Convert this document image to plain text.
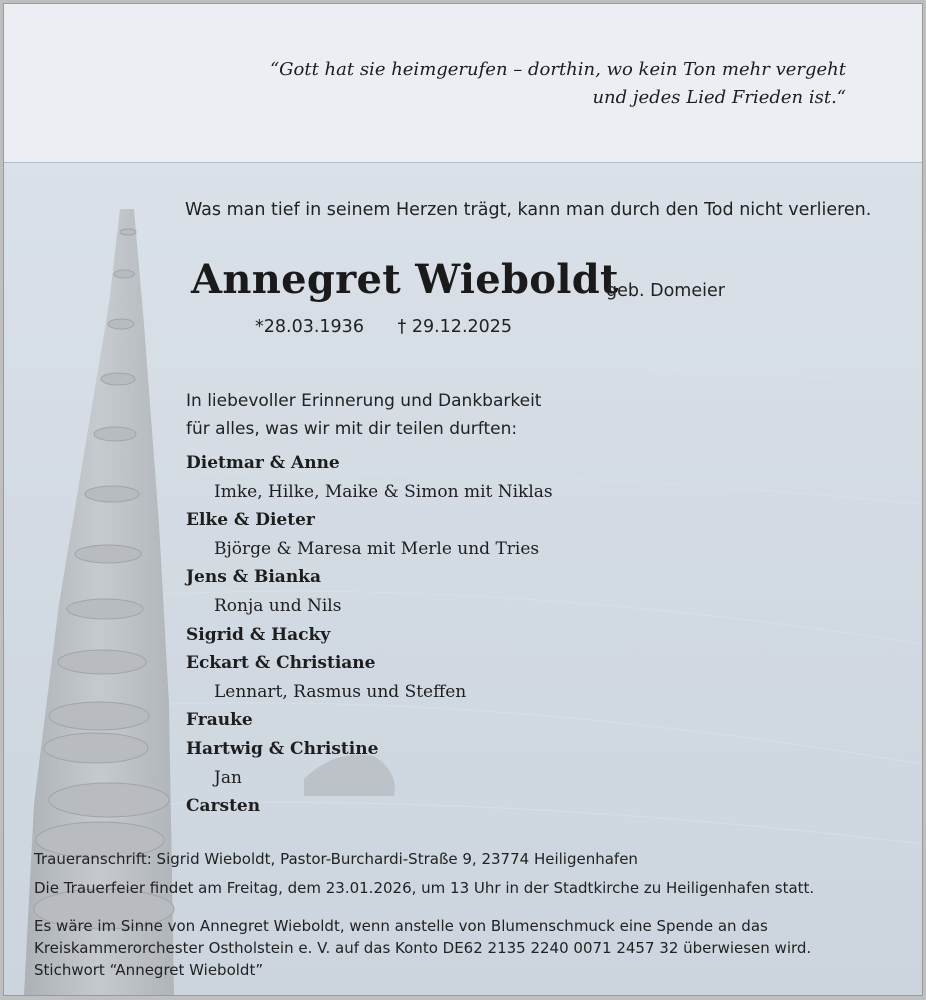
“Gott hat sie heimgerufen – dorthin, wo kein Ton mehr vergeht
und jedes Lied Frieden ist.“
Was man tief in seinem Herzen trägt, kann man durch den Tod nicht verlieren.
Annegret Wieboldt
geb. Domeier
*28.03.1936 † 29.12.2025
In liebevoller Erinnerung und Dankbarkeit
für alles, was wir mit dir teilen durften:
Dietmar & Anne
Imke, Hilke, Maike & Simon mit Niklas
Elke & Dieter
Björge & Maresa mit Merle und Tries
Jens & Bianka
Ronja und Nils
Sigrid & Hacky
Eckart & Christiane
Lennart, Rasmus und Steffen
Frauke
Hartwig & Christine
Jan
Carsten
Traueranschrift: Sigrid Wieboldt, Pastor-Burchardi-Straße 9, 23774 Heiligenhafen
Die Trauerfeier findet am Freitag, dem 23.01.2026, um 13 Uhr in der Stadtkirche zu Heiligenhafen statt.
Es wäre im Sinne von Annegret Wieboldt, wenn anstelle von Blumenschmuck eine Spende an das
Kreiskammerorchester Ostholstein e. V. auf das Konto DE62 2135 2240 0071 2457 32 überwiesen wird.
Stichwort “Annegret Wieboldt”
